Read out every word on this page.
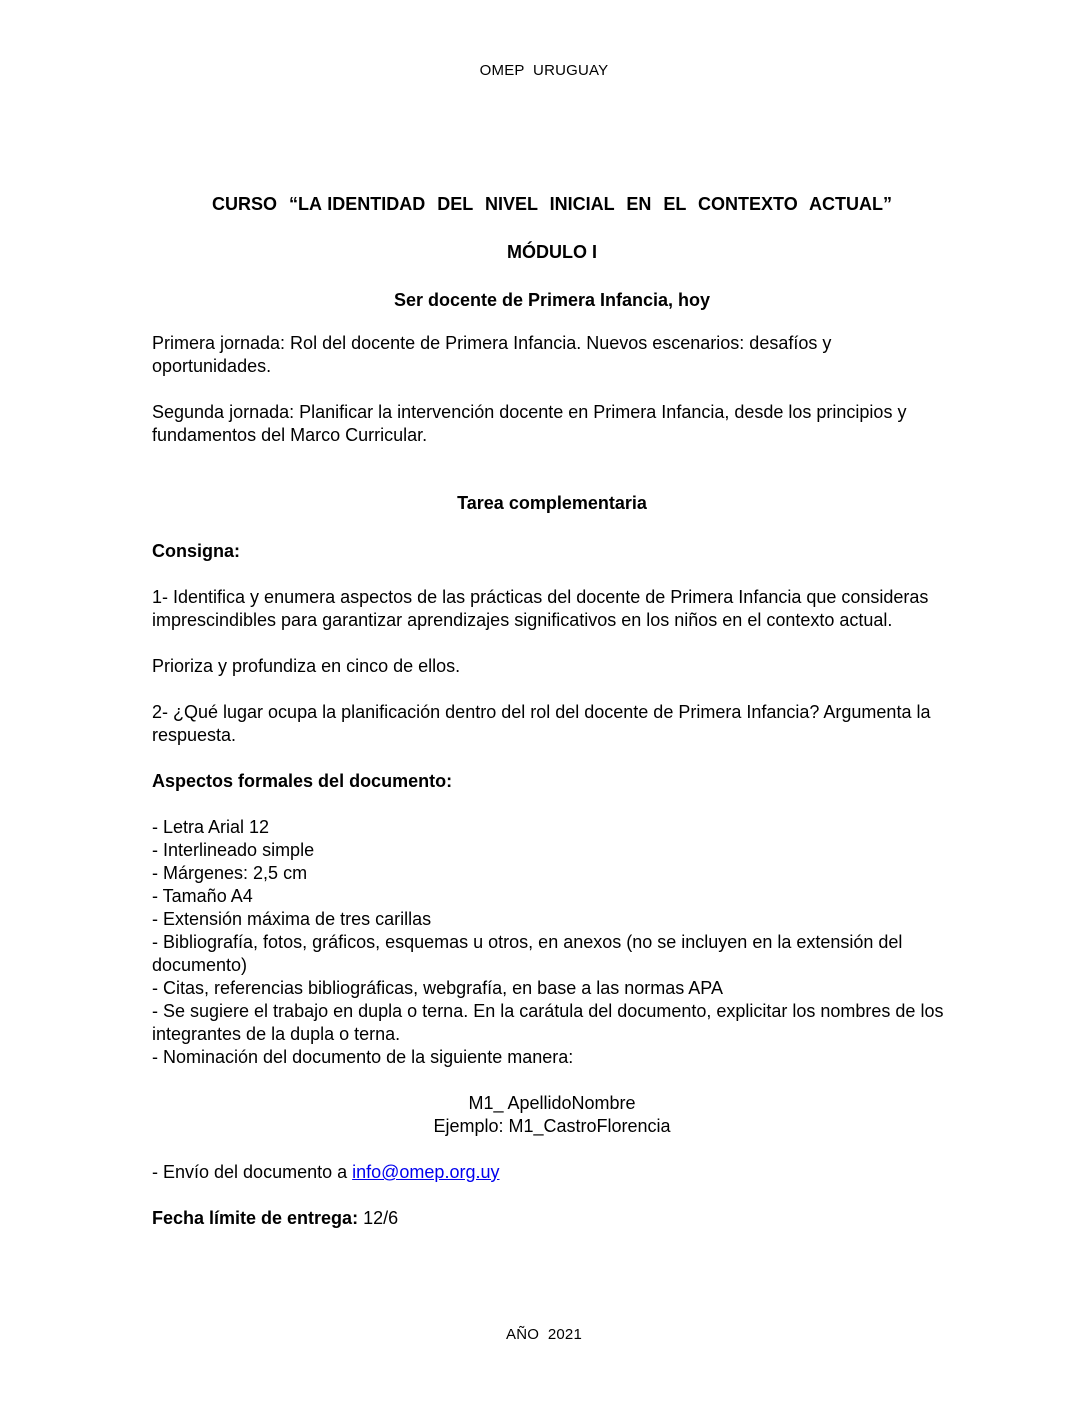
OMEP  URUGUAY

CURSO  “LA IDENTIDAD  DEL  NIVEL  INICIAL  EN  EL  CONTEXTO  ACTUAL”

MÓDULO I

Ser docente de Primera Infancia, hoy

Primera jornada: Rol del docente de Primera Infancia. Nuevos escenarios: desafíos y oportunidades.

Segunda jornada: Planificar la intervención docente en Primera Infancia, desde los principios y fundamentos del Marco Curricular.

Tarea complementaria

Consigna:

1- Identifica y enumera aspectos de las prácticas del docente de Primera Infancia que consideras imprescindibles para garantizar aprendizajes significativos en los niños en el contexto actual.

Prioriza y profundiza en cinco de ellos.

2- ¿Qué lugar ocupa la planificación dentro del rol del docente de Primera Infancia? Argumenta la respuesta.

Aspectos formales del documento:

- Letra Arial 12
- Interlineado simple
- Márgenes: 2,5 cm
- Tamaño A4
- Extensión máxima de tres carillas
- Bibliografía, fotos, gráficos, esquemas u otros, en anexos (no se incluyen en la extensión del documento)
- Citas, referencias bibliográficas, webgrafía, en base a las normas APA
- Se sugiere el trabajo en dupla o terna. En la carátula del documento, explicitar los nombres de los integrantes de la dupla o terna.
- Nominación del documento de la siguiente manera:

M1_ ApellidoNombre

Ejemplo: M1_CastroFlorencia

- Envío del documento a info@omep.org.uy

Fecha límite de entrega: 12/6

AÑO  2021
